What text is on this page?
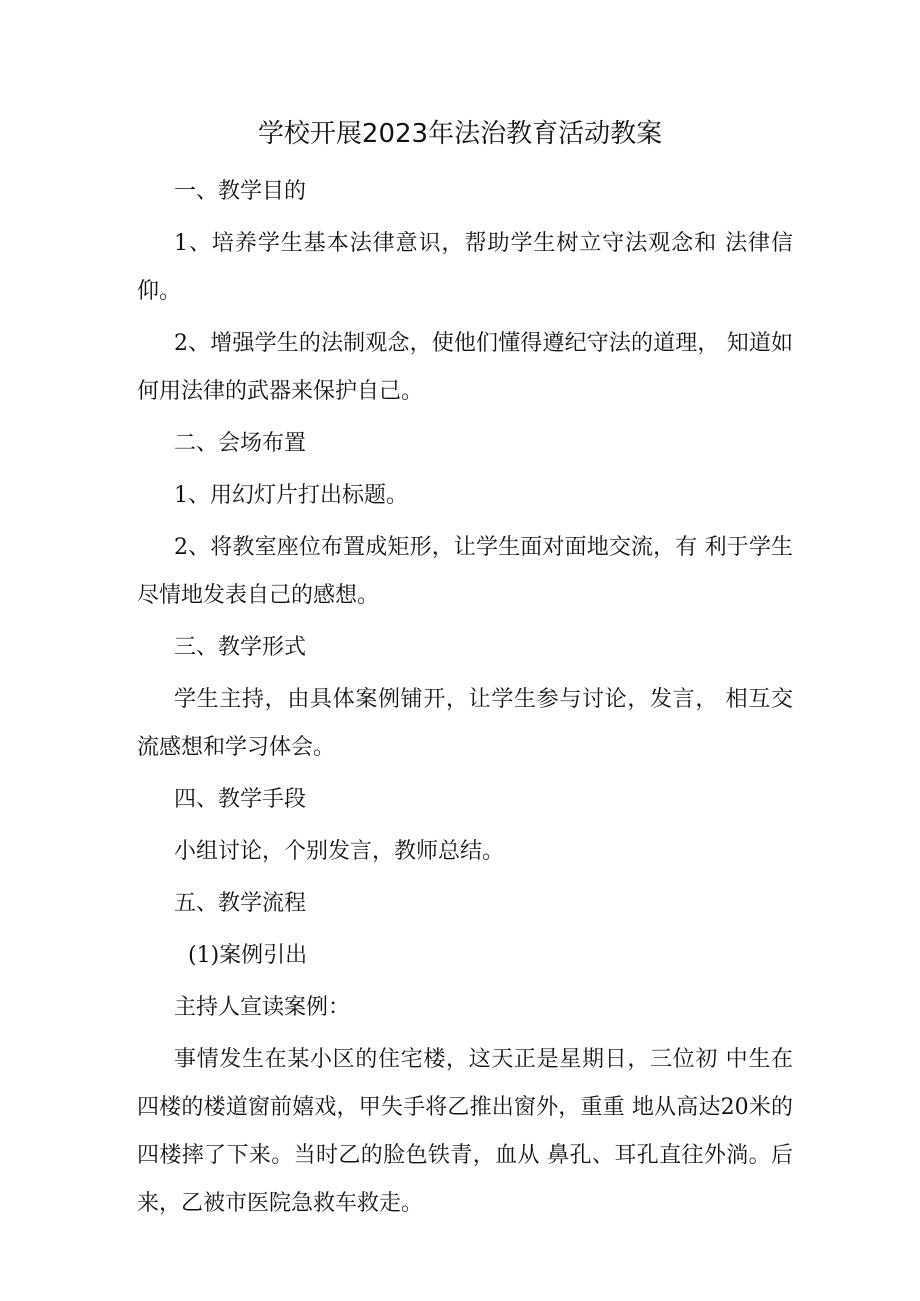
学校开展2023年法治教育活动教案

一、教学目的

1、培养学生基本法律意识，帮助学生树立守法观念和 法律信仰。

2、增强学生的法制观念，使他们懂得遵纪守法的道理， 知道如何用法律的武器来保护自己。

二、会场布置

1、用幻灯片打出标题。

2、将教室座位布置成矩形，让学生面对面地交流，有 利于学生尽情地发表自己的感想。

三、教学形式

学生主持，由具体案例铺开，让学生参与讨论，发言， 相互交流感想和学习体会。

四、教学手段

小组讨论，个别发言，教师总结。

五、教学流程

(1)案例引出

主持人宣读案例：

事情发生在某小区的住宅楼，这天正是星期日，三位初 中生在四楼的楼道窗前嬉戏，甲失手将乙推出窗外，重重 地从高达20米的四楼摔了下来。当时乙的脸色铁青，血从 鼻孔、耳孔直往外淌。后来，乙被市医院急救车救走。
